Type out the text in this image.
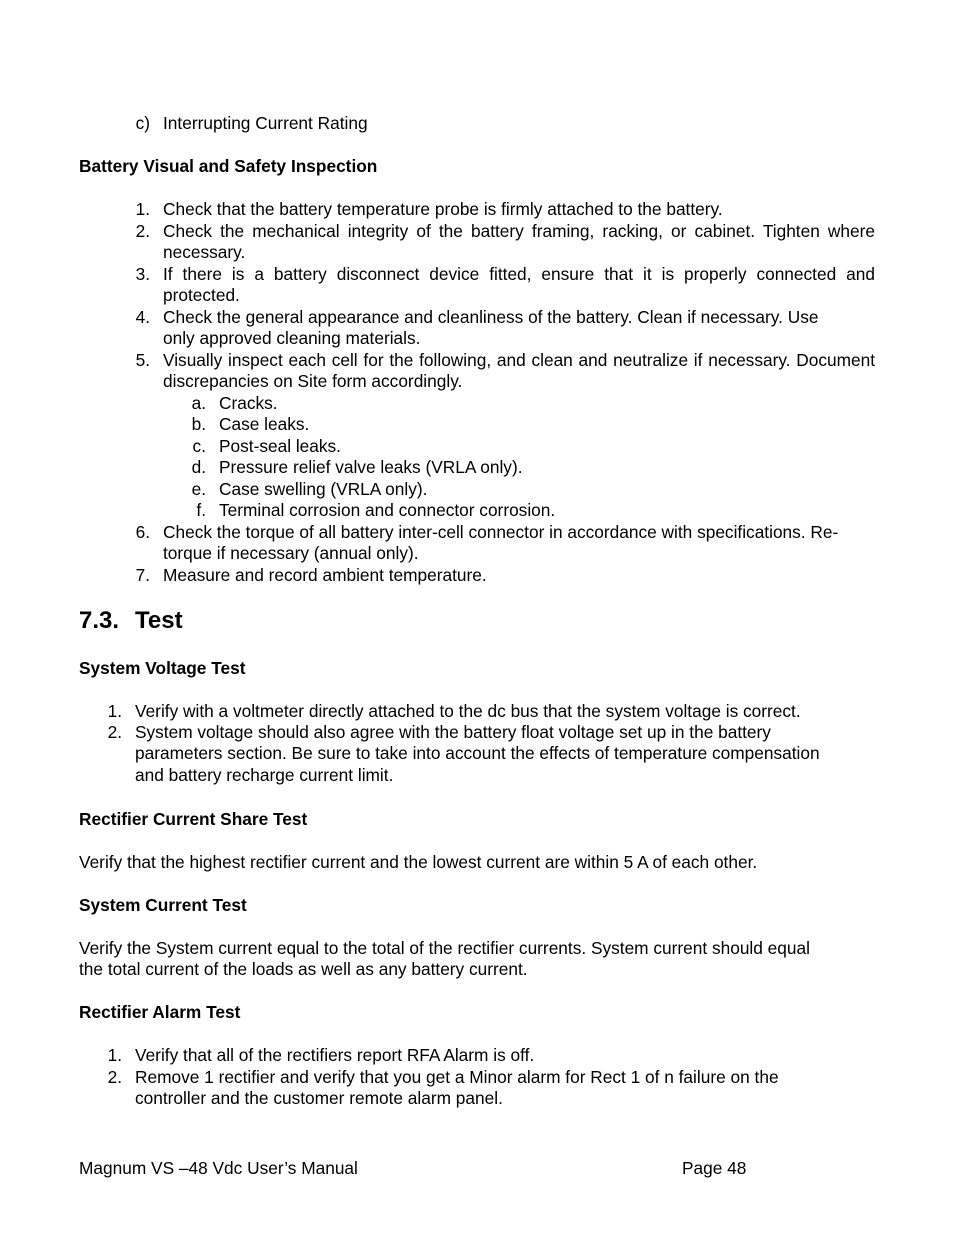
c) Interrupting Current Rating
Battery Visual and Safety Inspection
1. Check that the battery temperature probe is firmly attached to the battery.
2. Check the mechanical integrity of the battery framing, racking, or cabinet. Tighten where necessary.
3. If there is a battery disconnect device fitted, ensure that it is properly connected and protected.
4. Check the general appearance and cleanliness of the battery. Clean if necessary. Use only approved cleaning materials.
5. Visually inspect each cell for the following, and clean and neutralize if necessary. Document discrepancies on Site form accordingly.
a. Cracks.
b. Case leaks.
c. Post-seal leaks.
d. Pressure relief valve leaks (VRLA only).
e. Case swelling (VRLA only).
f. Terminal corrosion and connector corrosion.
6. Check the torque of all battery inter-cell connector in accordance with specifications. Re-torque if necessary (annual only).
7. Measure and record ambient temperature.
7.3. Test
System Voltage Test
1. Verify with a voltmeter directly attached to the dc bus that the system voltage is correct.
2. System voltage should also agree with the battery float voltage set up in the battery parameters section. Be sure to take into account the effects of temperature compensation and battery recharge current limit.
Rectifier Current Share Test
Verify that the highest rectifier current and the lowest current are within 5 A of each other.
System Current Test
Verify the System current equal to the total of the rectifier currents. System current should equal the total current of the loads as well as any battery current.
Rectifier Alarm Test
1. Verify that all of the rectifiers report RFA Alarm is off.
2. Remove 1 rectifier and verify that you get a Minor alarm for Rect 1 of n failure on the controller and the customer remote alarm panel.
Magnum VS –48 Vdc User’s Manual	Page 48
